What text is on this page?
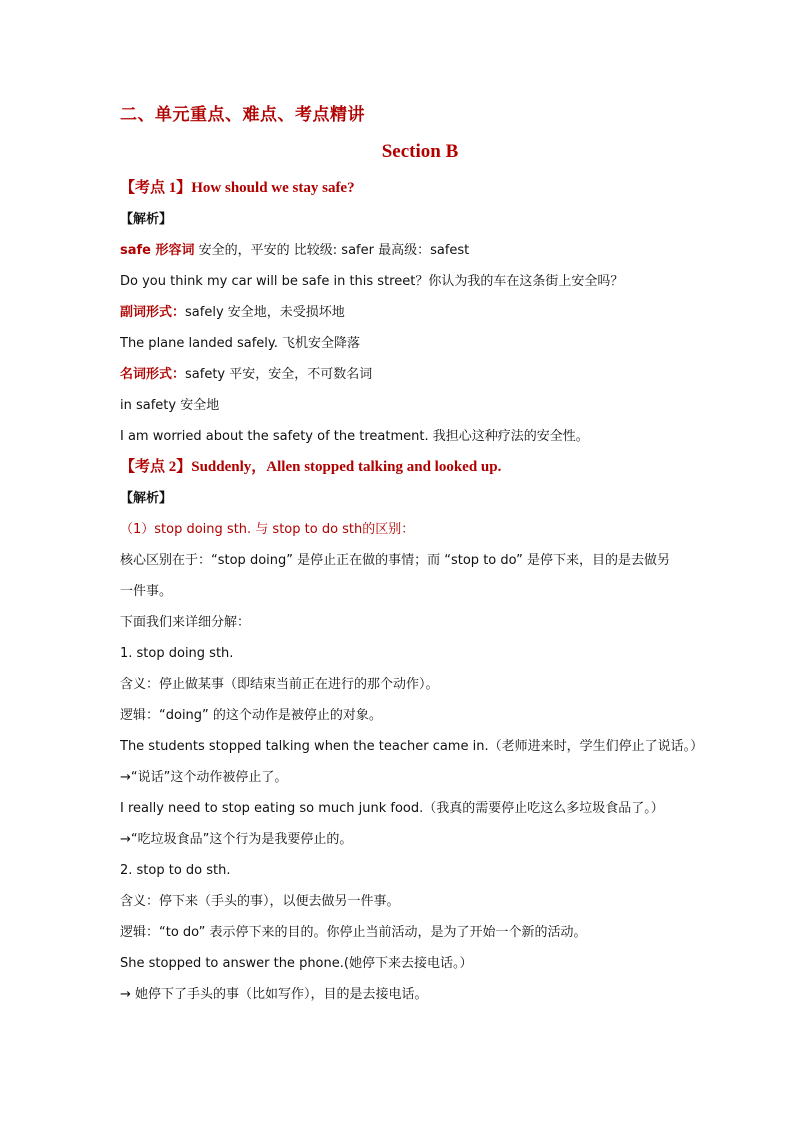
二、单元重点、难点、考点精讲

Section B

【考点 1】How should we stay safe?

【解析】

safe 形容词 安全的，平安的 比较级: safer 最高级：safest

Do you think my car will be safe in this street？你认为我的车在这条街上安全吗？

副词形式：safely 安全地，未受损坏地

The plane landed safely. 飞机安全降落

名词形式：safety 平安，安全，不可数名词

in safety 安全地

I am worried about the safety of the treatment. 我担心这种疗法的安全性。

【考点 2】Suddenly，Allen stopped talking and looked up.

【解析】

（1）stop doing sth. 与 stop to do sth的区别：

核心区别在于：“stop doing” 是停止正在做的事情；而 “stop to do” 是停下来，目的是去做另一件事。

下面我们来详细分解：

1. stop doing sth.

含义：停止做某事（即结束当前正在进行的那个动作）。

逻辑：“doing” 的这个动作是被停止的对象。

The students stopped talking when the teacher came in.（老师进来时，学生们停止了说话。）

→“说话”这个动作被停止了。

I really need to stop eating so much junk food.（我真的需要停止吃这么多垃圾食品了。）

→“吃垃圾食品”这个行为是我要停止的。

2. stop to do sth.

含义：停下来（手头的事），以便去做另一件事。

逻辑：“to do” 表示停下来的目的。你停止当前活动，是为了开始一个新的活动。

She stopped to answer the phone.(她停下来去接电话。）

→ 她停下了手头的事（比如写作），目的是去接电话。
